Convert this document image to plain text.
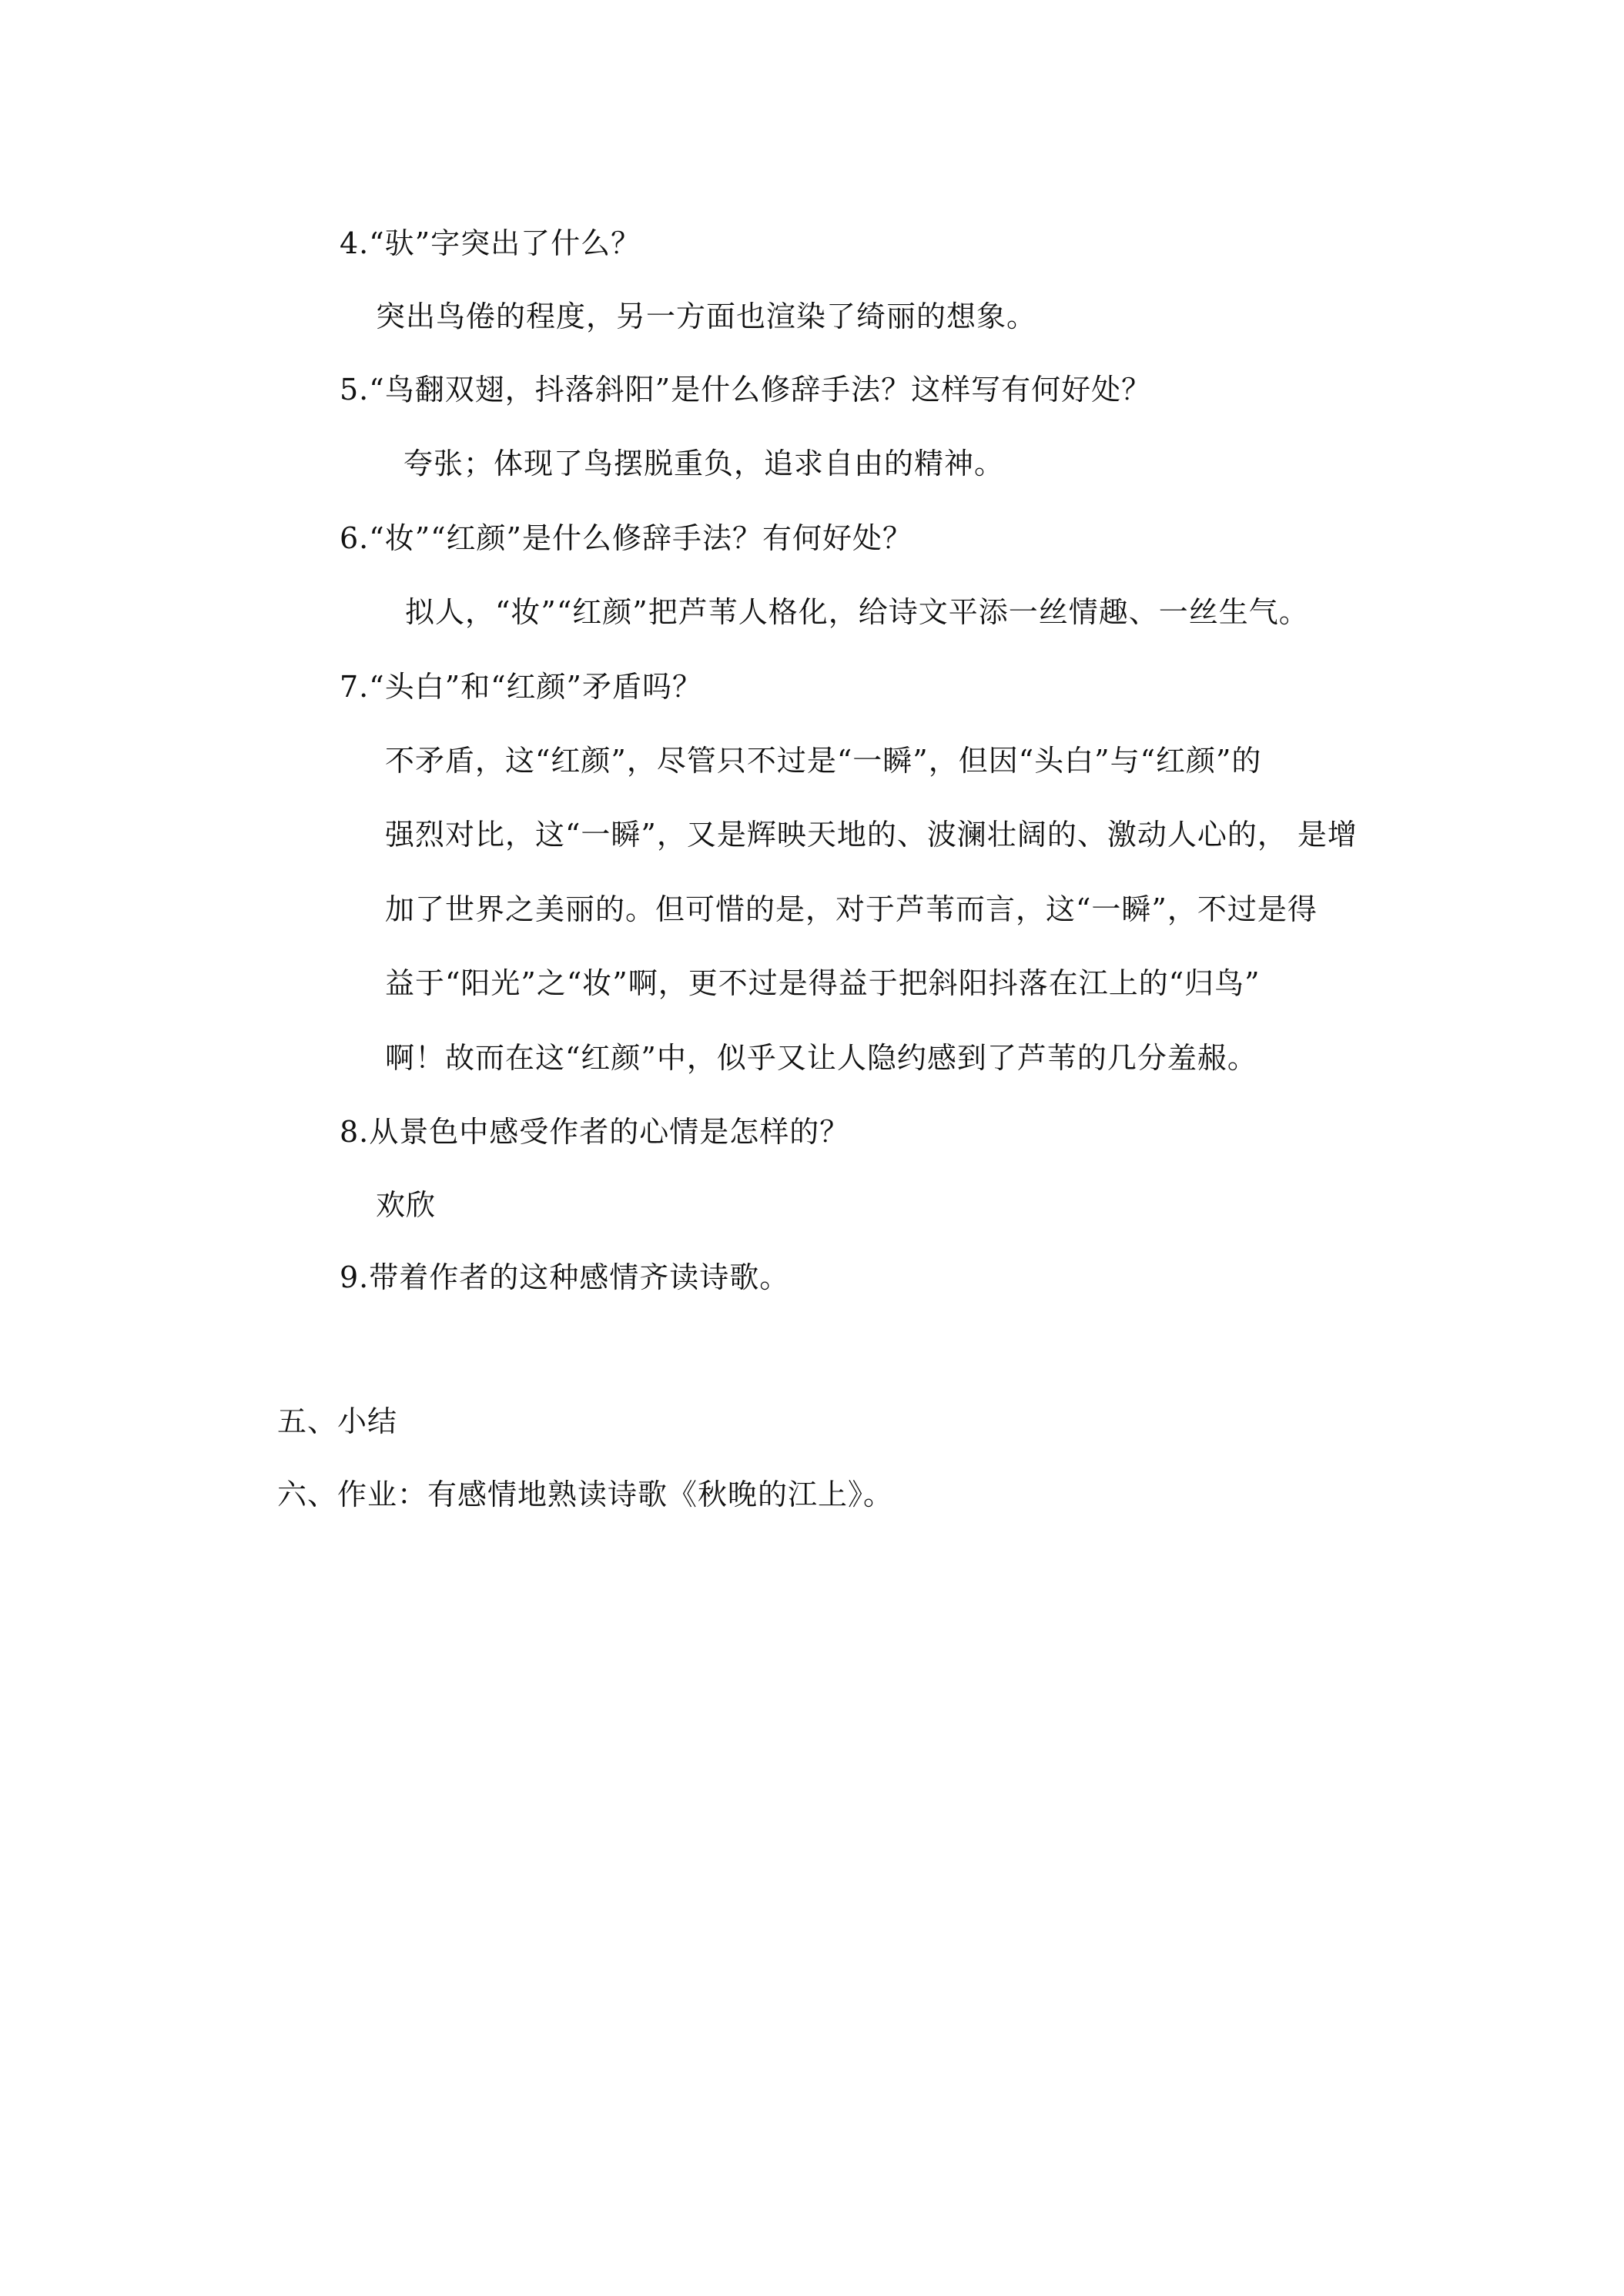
4.“驮”字突出了什么？
突出鸟倦的程度，另一方面也渲染了绮丽的想象。
5.“鸟翻双翅，抖落斜阳”是什么修辞手法？这样写有何好处？
夸张；体现了鸟摆脱重负，追求自由的精神。
6.“妆”“红颜”是什么修辞手法？有何好处？
拟人，“妆”“红颜”把芦苇人格化，给诗文平添一丝情趣、一丝生气。
7.“头白”和“红颜”矛盾吗？
不矛盾，这“红颜”，尽管只不过是“一瞬”，但因“头白”与“红颜”的
强烈对比，这“一瞬”，又是辉映天地的、波澜壮阔的、激动人心的， 是增
加了世界之美丽的。但可惜的是，对于芦苇而言，这“一瞬”，不过是得
益于“阳光”之“妆”啊，更不过是得益于把斜阳抖落在江上的“归鸟”
啊！故而在这“红颜”中，似乎又让人隐约感到了芦苇的几分羞赧。
8.从景色中感受作者的心情是怎样的？
欢欣
9.带着作者的这种感情齐读诗歌。
五、小结
六、作业：有感情地熟读诗歌《秋晚的江上》。
